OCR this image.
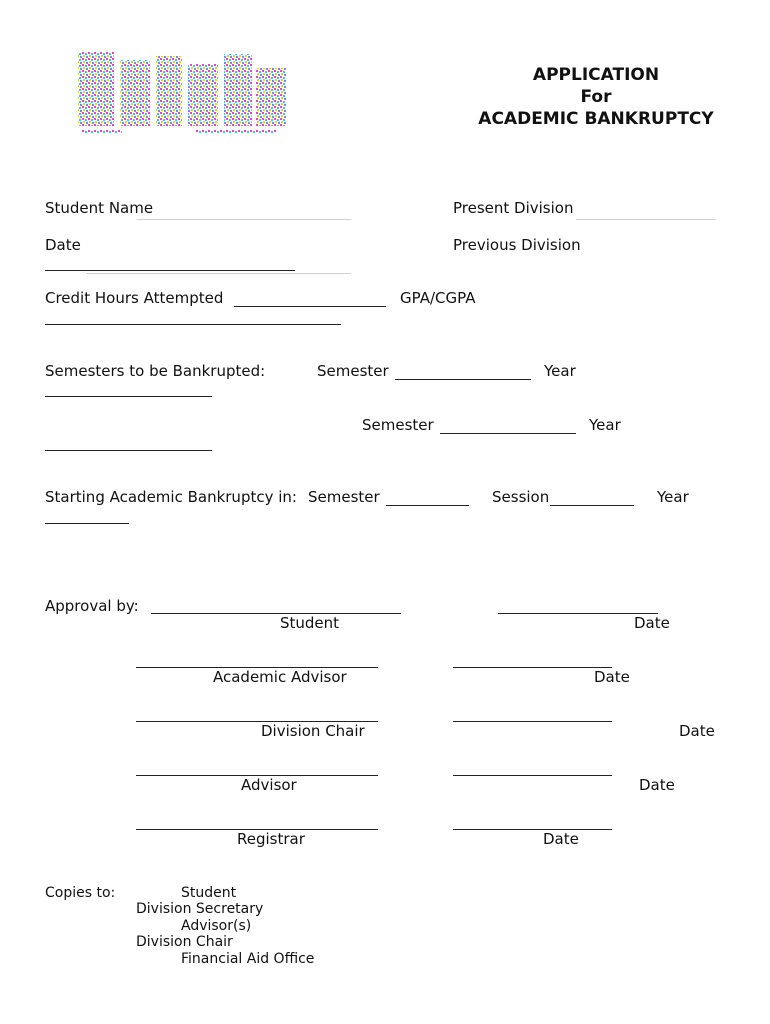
APPLICATION
For
ACADEMIC BANKRUPTCY
Student Name	Present Division
Date	Previous Division
Credit Hours Attempted	GPA/CGPA
Semesters to be Bankrupted:	Semester	Year
Semester	Year
Starting Academic Bankruptcy in: Semester	Session	Year
Approval by:
Student	Date
Academic Advisor	Date
Division Chair	Date
Advisor	Date
Registrar	Date
Copies to:	Student
Division Secretary
Advisor(s)
Division Chair
Financial Aid Office
